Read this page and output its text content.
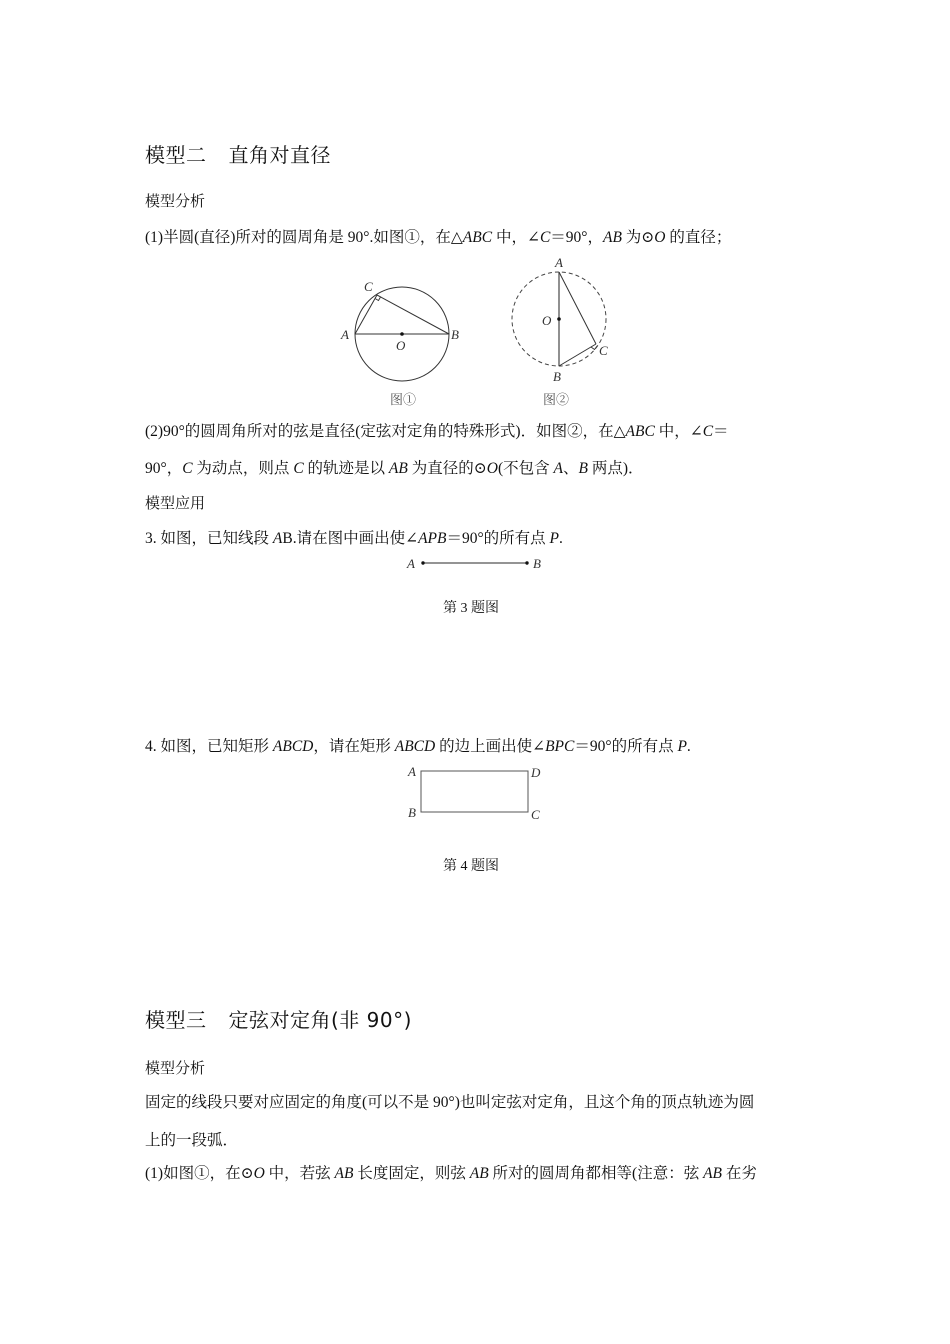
模型二 直角对直径
模型分析
(1)半圆(直径)所对的圆周角是 90°.如图①，在△ABC 中，∠C＝90°，AB 为⊙O 的直径；
A	B
C
O
A
B
C
O
A	B
A
B	C
D
图①	图②
(2)90°的圆周角所对的弦是直径(定弦对定角的特殊形式)．如图②，在△ABC 中，∠C＝
90°，C 为动点，则点 C 的轨迹是以 AB 为直径的⊙O(不包含 A、B 两点)．
模型应用
3. 如图，已知线段 AB.请在图中画出使∠APB＝90°的所有点 P.
第 3 题图
4. 如图，已知矩形 ABCD，请在矩形 ABCD 的边上画出使∠BPC＝90°的所有点 P.
第 4 题图
模型三 定弦对定角(非 90°)
模型分析
固定的线段只要对应固定的角度(可以不是 90°)也叫定弦对定角，且这个角的顶点轨迹为圆
上的一段弧．
(1)如图①，在⊙O 中，若弦 AB 长度固定，则弦 AB 所对的圆周角都相等(注意：弦 AB 在劣
